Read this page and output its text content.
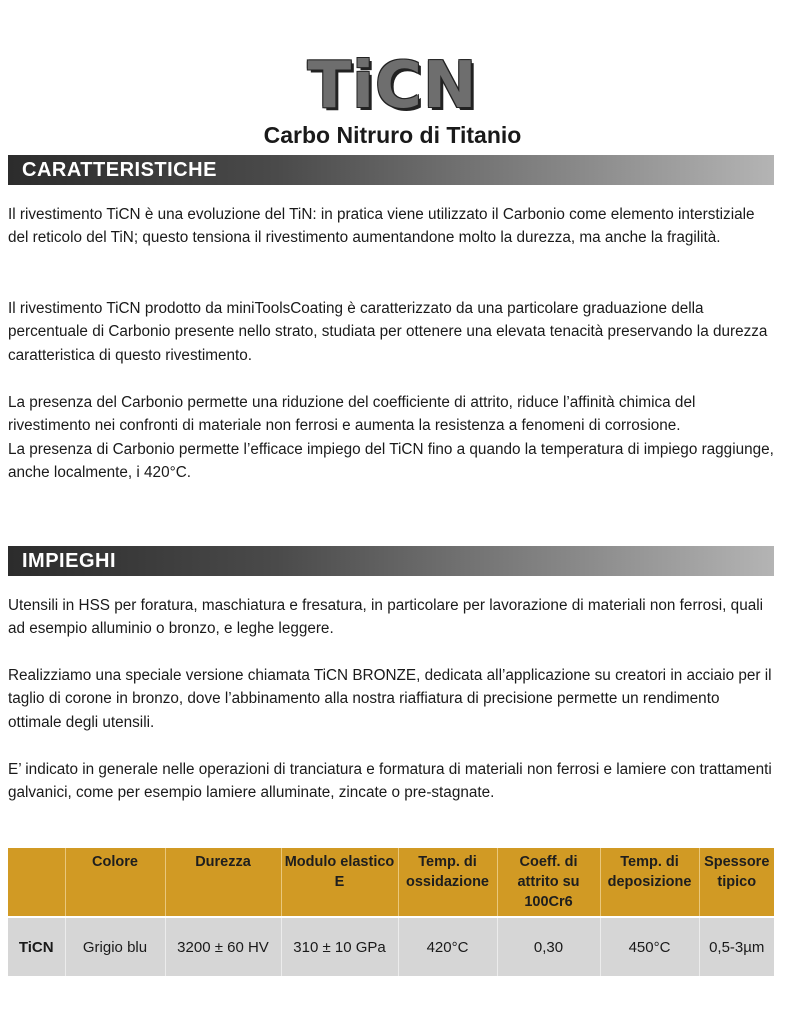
TiCN
Carbo Nitruro di Titanio
CARATTERISTICHE

Il rivestimento TiCN è una evoluzione del TiN: in pratica viene utilizzato il Carbonio come elemento interstiziale del reticolo del TiN; questo tensiona il rivestimento aumentandone molto la durezza, ma anche la fragilità.

Il rivestimento TiCN prodotto da miniToolsCoating è caratterizzato da una particolare graduazione della percentuale di Carbonio presente nello strato, studiata per ottenere una elevata tenacità preservando la durezza caratteristica di questo rivestimento.

La presenza del Carbonio permette una riduzione del coefficiente di attrito, riduce l’affinità chimica del rivestimento nei confronti di materiale non ferrosi e aumenta la resistenza a fenomeni di corrosione.

La presenza di Carbonio permette l’efficace impiego del TiCN fino a quando la temperatura di impiego raggiunge, anche localmente, i 420°C.

IMPIEGHI

Utensili in HSS per foratura, maschiatura e fresatura, in particolare per lavorazione di materiali non ferrosi, quali ad esempio alluminio o bronzo, e leghe leggere.

Realizziamo una speciale versione chiamata TiCN BRONZE, dedicata all’applicazione su creatori in acciaio per il taglio di corone in bronzo, dove l’abbinamento alla nostra riaffiatura di precisione permette un rendimento ottimale degli utensili.

E’ indicato in generale nelle operazioni di tranciatura e formatura di materiali non ferrosi e lamiere con trattamenti galvanici, come per esempio lamiere alluminate, zincate o pre-stagnate.

	Colore	Durezza	Modulo elastico E	Temp. di ossidazione	Coeff. di attrito su 100Cr6	Temp. di deposizione	Spessore tipico
TiCN	Grigio blu	3200 ± 60 HV	310 ± 10 GPa	420°C	0,30	450°C	0,5-3µm
